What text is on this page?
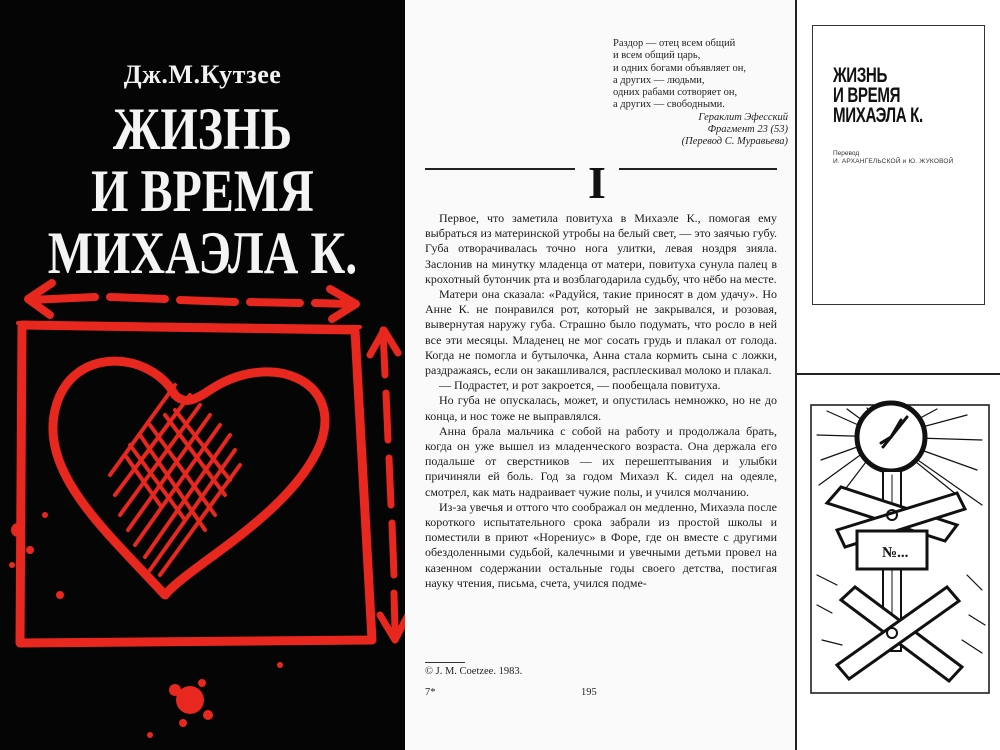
Дж.М.Кутзее
ЖИЗНЬ
И ВРЕМЯ
МИХАЭЛА К.
Раздор — отец всем общий
и всем общий царь,
и одних богами объявляет он,
а других — людьми,
одних рабами сотворяет он,
а других — свободными.
Гераклит Эфесский
Фрагмент 23 (53)
(Перевод С. Муравьева)
I

Первое, что заметила повитуха в Михаэле К., помогая ему выбраться из материнской утробы на белый свет, — это заячью губу. Губа отворачивалась точно нога улитки, левая ноздря зияла. Заслонив на минутку младенца от матери, повитуха сунула палец в крохотный бутончик рта и возблагодарила судьбу, что нёбо на месте.

Матери она сказала: «Радуйся, такие приносят в дом удачу». Но Анне К. не понравился рот, который не закрывался, и розовая, вывернутая наружу губа. Страшно было подумать, что росло в ней все эти месяцы. Младенец не мог сосать грудь и плакал от голода. Когда не помогла и бутылочка, Анна стала кормить сына с ложки, раздражаясь, если он закашливался, расплескивал молоко и плакал.

— Подрастет, и рот закроется, — пообещала повитуха.

Но губа не опускалась, может, и опустилась немножко, но не до конца, и нос тоже не выправлялся.

Анна брала мальчика с собой на работу и продолжала брать, когда он уже вышел из младенческого возраста. Она держала его подальше от сверстников — их перешептывания и улыбки причиняли ей боль. Год за годом Михаэл К. сидел на одеяле, смотрел, как мать надраивает чужие полы, и учился молчанию.

Из-за увечья и оттого что соображал он медленно, Михаэла после короткого испытательного срока забрали из простой школы и поместили в приют «Норениус» в Форе, где он вместе с другими обездоленными судьбой, калечными и увечными детьми провел на казенном содержании остальные годы своего детства, постигая науку чтения, письма, счета, учился подме-

© J. M. Coetzee. 1983.
7*	195
ЖИЗНЬ
И ВРЕМЯ
МИХАЭЛА К.
Перевод
И. АРХАНГЕЛЬСКОЙ и Ю. ЖУКОВОЙ
№...
